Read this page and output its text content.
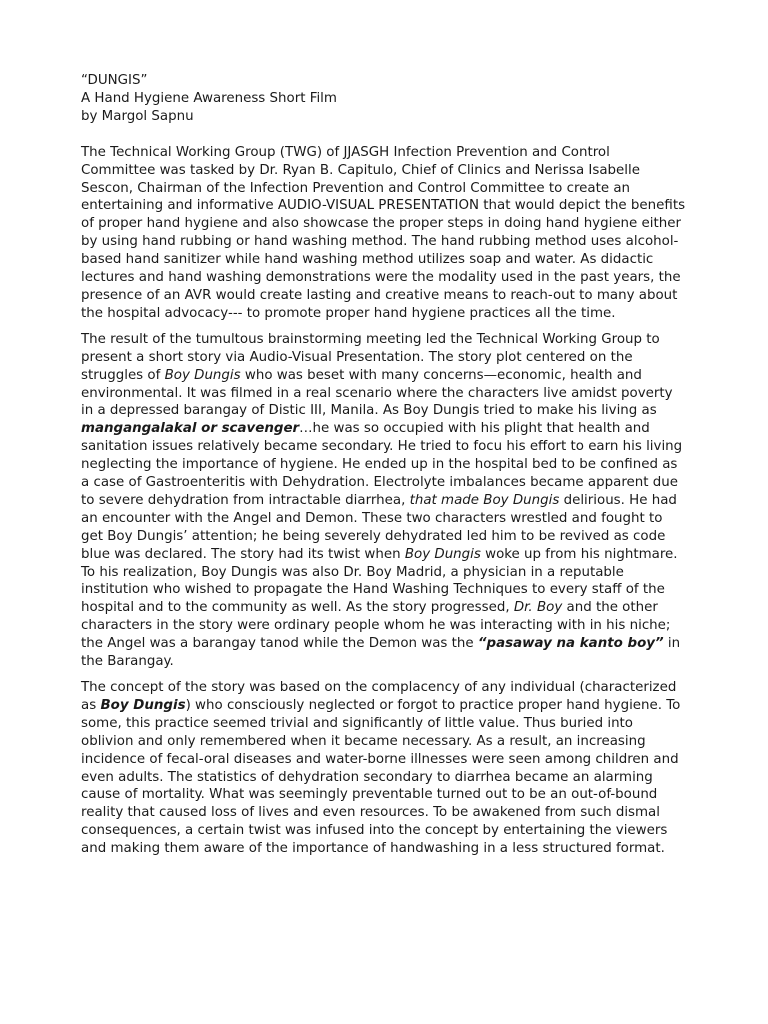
“DUNGIS”

A Hand Hygiene Awareness Short Film

by Margol Sapnu

The Technical Working Group (TWG) of JJASGH Infection Prevention and Control Committee was tasked by Dr. Ryan B. Capitulo, Chief of Clinics and Nerissa Isabelle Sescon, Chairman of the Infection Prevention and Control Committee to create an entertaining and informative AUDIO-VISUAL PRESENTATION that would depict the benefits of proper hand hygiene and also showcase the proper steps in doing hand hygiene either by using hand rubbing or hand washing method. The hand rubbing method uses alcohol-based hand sanitizer while hand washing method utilizes soap and water. As didactic lectures and hand washing demonstrations were the modality used in the past years, the presence of an AVR would create lasting and creative means to reach-out to many about the hospital advocacy--- to promote proper hand hygiene practices all the time.

The result of the tumultous brainstorming meeting led the Technical Working Group to present a short story via Audio-Visual Presentation. The story plot centered on the struggles of Boy Dungis who was beset with many concerns—economic, health and environmental. It was filmed in a real scenario where the characters live amidst poverty in a depressed barangay of Distic III, Manila. As Boy Dungis tried to make his living as mangangalakal or scavenger…he was so occupied with his plight that health and sanitation issues relatively became secondary. He tried to focu his effort to earn his living neglecting the importance of hygiene. He ended up in the hospital bed to be confined as a case of Gastroenteritis with Dehydration. Electrolyte imbalances became apparent due to severe dehydration from intractable diarrhea, that made Boy Dungis delirious. He had an encounter with the Angel and Demon. These two characters wrestled and fought to get Boy Dungis’ attention; he being severely dehydrated led him to be revived as code blue was declared. The story had its twist when Boy Dungis woke up from his nightmare. To his realization, Boy Dungis was also Dr. Boy Madrid, a physician in a reputable institution who wished to propagate the Hand Washing Techniques to every staff of the hospital and to the community as well. As the story progressed, Dr. Boy and the other characters in the story were ordinary people whom he was interacting with in his niche; the Angel was a barangay tanod while the Demon was the “pasaway na kanto boy” in the Barangay.

The concept of the story was based on the complacency of any individual (characterized as Boy Dungis) who consciously neglected or forgot to practice proper hand hygiene. To some, this practice seemed trivial and significantly of little value. Thus buried into oblivion and only remembered when it became necessary. As a result, an increasing incidence of fecal-oral diseases and water-borne illnesses were seen among children and even adults. The statistics of dehydration secondary to diarrhea became an alarming cause of mortality. What was seemingly preventable turned out to be an out-of-bound reality that caused loss of lives and even resources. To be awakened from such dismal consequences, a certain twist was infused into the concept by entertaining the viewers and making them aware of the importance of handwashing in a less structured format.
